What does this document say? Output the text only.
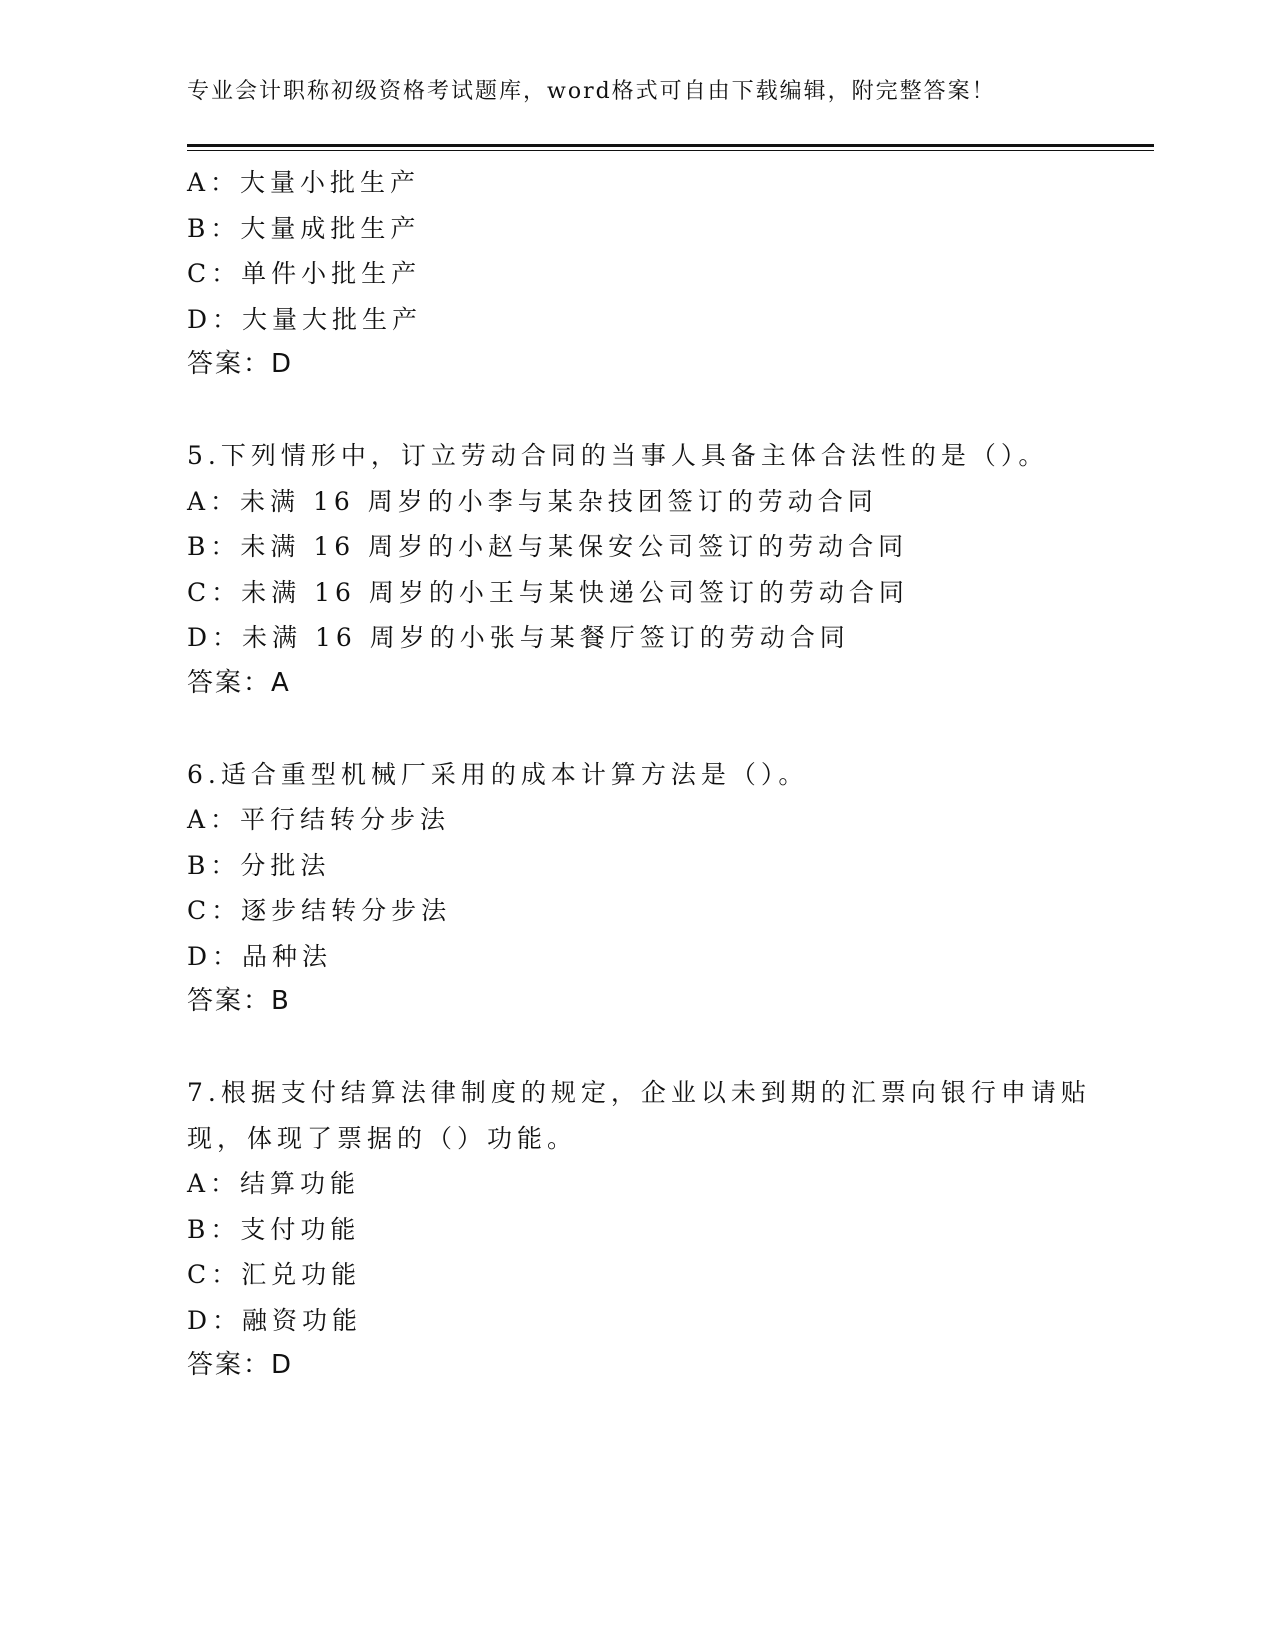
专业会计职称初级资格考试题库，word格式可自由下载编辑，附完整答案！
A：大量小批生产
B：大量成批生产
C：单件小批生产
D：大量大批生产
答案：D
5.下列情形中，订立劳动合同的当事人具备主体合法性的是（）。
A：未满 16 周岁的小李与某杂技团签订的劳动合同
B：未满 16 周岁的小赵与某保安公司签订的劳动合同
C：未满 16 周岁的小王与某快递公司签订的劳动合同
D：未满 16 周岁的小张与某餐厅签订的劳动合同
答案：A
6.适合重型机械厂采用的成本计算方法是（）。
A：平行结转分步法
B：分批法
C：逐步结转分步法
D：品种法
答案：B
7.根据支付结算法律制度的规定，企业以未到期的汇票向银行申请贴
现，体现了票据的（）功能。
A：结算功能
B：支付功能
C：汇兑功能
D：融资功能
答案：D
